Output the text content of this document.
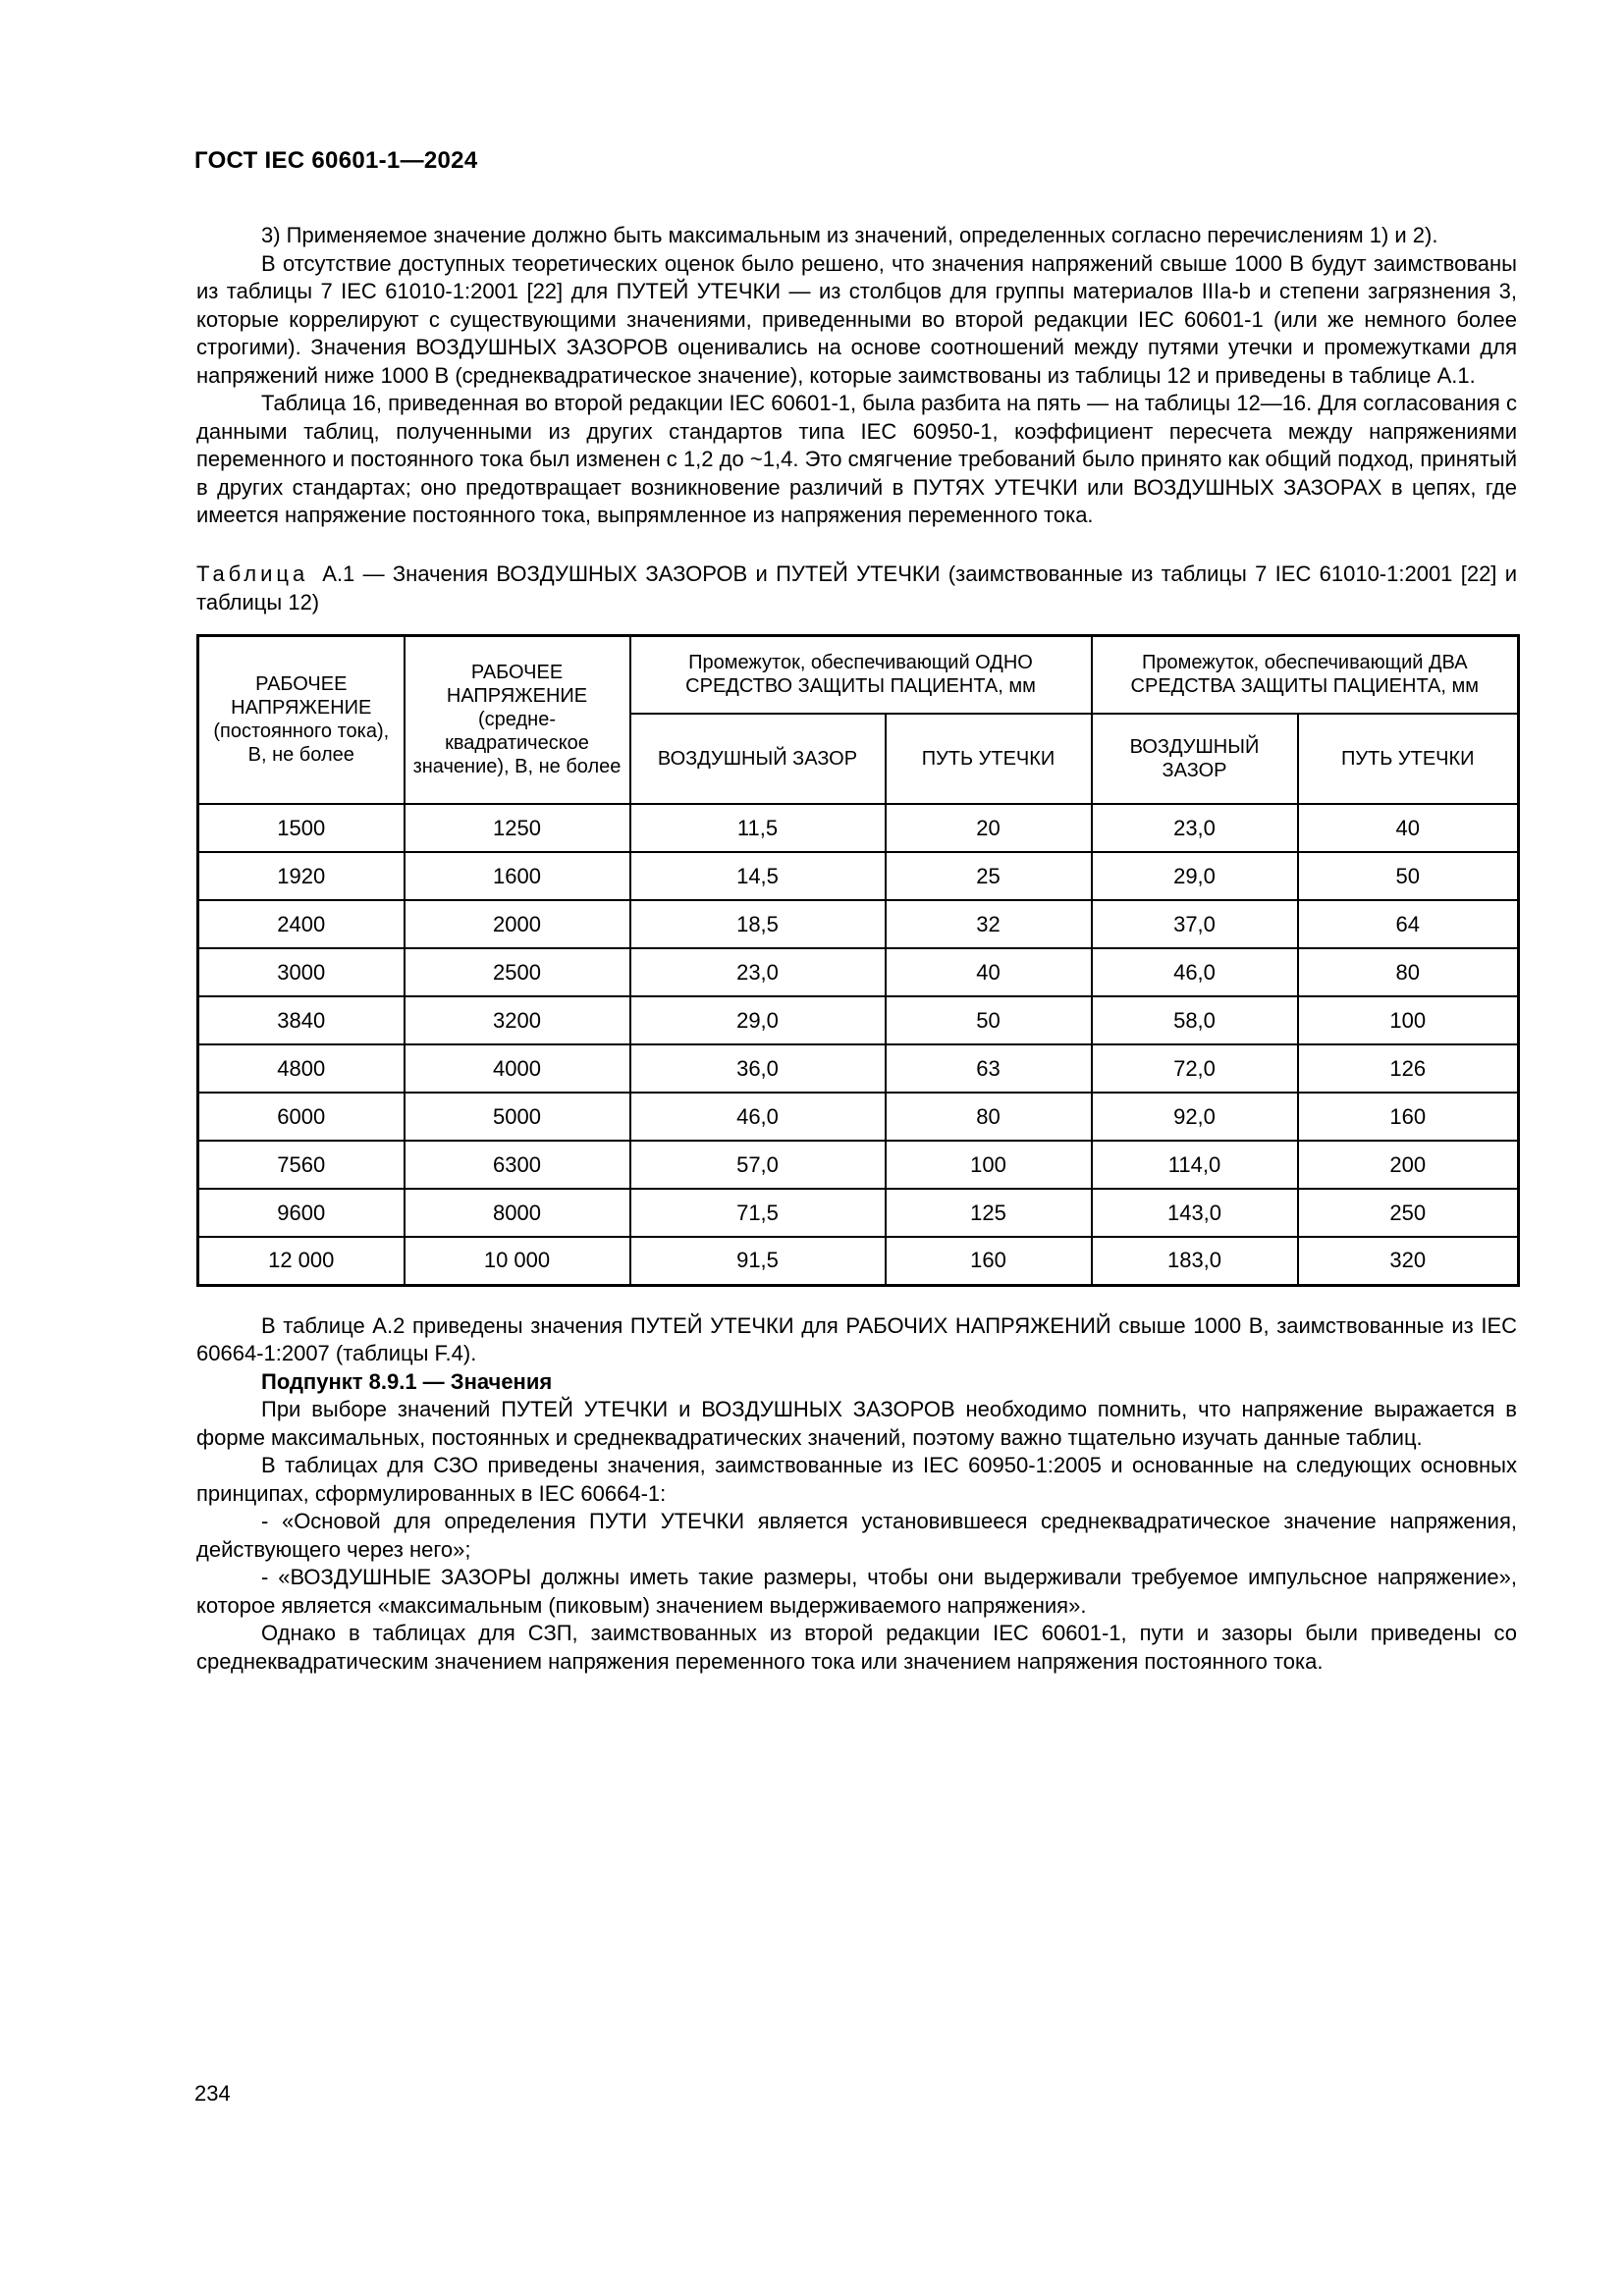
ГОСТ IEC 60601-1—2024

3) Применяемое значение должно быть максимальным из значений, определенных согласно перечислениям 1) и 2).

В отсутствие доступных теоретических оценок было решено, что значения напряжений свыше 1000 В будут заимствованы из таблицы 7 IEC 61010-1:2001 [22] для ПУТЕЙ УТЕЧКИ — из столбцов для группы материалов IIIa-b и степени загрязнения 3, которые коррелируют с существующими значениями, приведенными во второй редакции IEC 60601-1 (или же немного более строгими). Значения ВОЗДУШНЫХ ЗАЗОРОВ оценивались на основе соотношений между путями утечки и промежутками для напряжений ниже 1000 В (среднеквадратическое значение), которые заимствованы из таблицы 12 и приведены в таблице А.1.

Таблица 16, приведенная во второй редакции IEC 60601-1, была разбита на пять — на таблицы 12—16. Для согласования с данными таблиц, полученными из других стандартов типа IEC 60950-1, коэффициент пересчета между напряжениями переменного и постоянного тока был изменен с 1,2 до ~1,4. Это смягчение требований было принято как общий подход, принятый в других стандартах; оно предотвращает возникновение различий в ПУТЯХ УТЕЧКИ или ВОЗДУШНЫХ ЗАЗОРАХ в цепях, где имеется напряжение постоянного тока, выпрямленное из напряжения переменного тока.

Таблица А.1 — Значения ВОЗДУШНЫХ ЗАЗОРОВ и ПУТЕЙ УТЕЧКИ (заимствованные из таблицы 7 IEC 61010-1:2001 [22] и таблицы 12)

РАБОЧЕЕ НАПРЯЖЕНИЕ (постоянного тока), В, не более	РАБОЧЕЕ НАПРЯЖЕНИЕ (средне-квадратическое значение), В, не более	Промежуток, обеспечивающий ОДНО СРЕДСТВО ЗАЩИТЫ ПАЦИЕНТА, мм		Промежуток, обеспечивающий ДВА СРЕДСТВА ЗАЩИТЫ ПАЦИЕНТА, мм	
		ВОЗДУШНЫЙ ЗАЗОР	ПУТЬ УТЕЧКИ	ВОЗДУШНЫЙ ЗАЗОР	ПУТЬ УТЕЧКИ
1500	1250	11,5	20	23,0	40
1920	1600	14,5	25	29,0	50
2400	2000	18,5	32	37,0	64
3000	2500	23,0	40	46,0	80
3840	3200	29,0	50	58,0	100
4800	4000	36,0	63	72,0	126
6000	5000	46,0	80	92,0	160
7560	6300	57,0	100	114,0	200
9600	8000	71,5	125	143,0	250
12 000	10 000	91,5	160	183,0	320

В таблице А.2 приведены значения ПУТЕЙ УТЕЧКИ для РАБОЧИХ НАПРЯЖЕНИЙ свыше 1000 В, заимствованные из IEC 60664-1:2007 (таблицы F.4).

Подпункт 8.9.1 — Значения

При выборе значений ПУТЕЙ УТЕЧКИ и ВОЗДУШНЫХ ЗАЗОРОВ необходимо помнить, что напряжение выражается в форме максимальных, постоянных и среднеквадратических значений, поэтому важно тщательно изучать данные таблиц.

В таблицах для СЗО приведены значения, заимствованные из IEC 60950-1:2005 и основанные на следующих основных принципах, сформулированных в IEC 60664-1:

- «Основой для определения ПУТИ УТЕЧКИ является установившееся среднеквадратическое значение напряжения, действующего через него»;

- «ВОЗДУШНЫЕ ЗАЗОРЫ должны иметь такие размеры, чтобы они выдерживали требуемое импульсное напряжение», которое является «максимальным (пиковым) значением выдерживаемого напряжения».

Однако в таблицах для СЗП, заимствованных из второй редакции IEC 60601-1, пути и зазоры были приведены со среднеквадратическим значением напряжения переменного тока или значением напряжения постоянного тока.

234
